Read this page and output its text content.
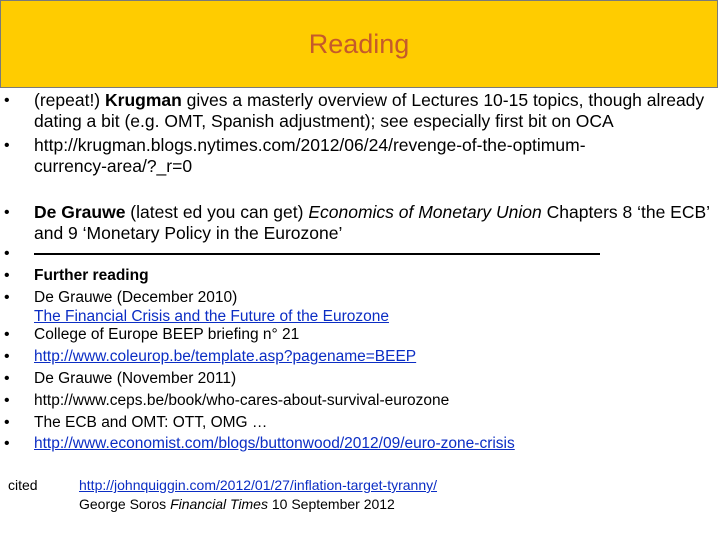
Reading
• (repeat!) Krugman gives a masterly overview of Lectures 10-15 topics, though already dating a bit (e.g. OMT, Spanish adjustment); see especially first bit on OCA
• http://krugman.blogs.nytimes.com/2012/06/24/revenge-of-the-optimum-currency-area/?_r=0
• De Grauwe (latest ed you can get) Economics of Monetary Union Chapters 8 ‘the ECB’ and 9 ‘Monetary Policy in the Eurozone’
•
• Further reading
• De Grauwe (December 2010)
The Financial Crisis and the Future of the Eurozone
• College of Europe BEEP briefing n° 21
• http://www.coleurop.be/template.asp?pagename=BEEP
• De Grauwe (November 2011)
• http://www.ceps.be/book/who-cares-about-survival-eurozone
• The ECB and OMT: OTT, OMG …
• http://www.economist.com/blogs/buttonwood/2012/09/euro-zone-crisis
cited	http://johnquiggin.com/2012/01/27/inflation-target-tyranny/
George Soros Financial Times 10 September 2012
